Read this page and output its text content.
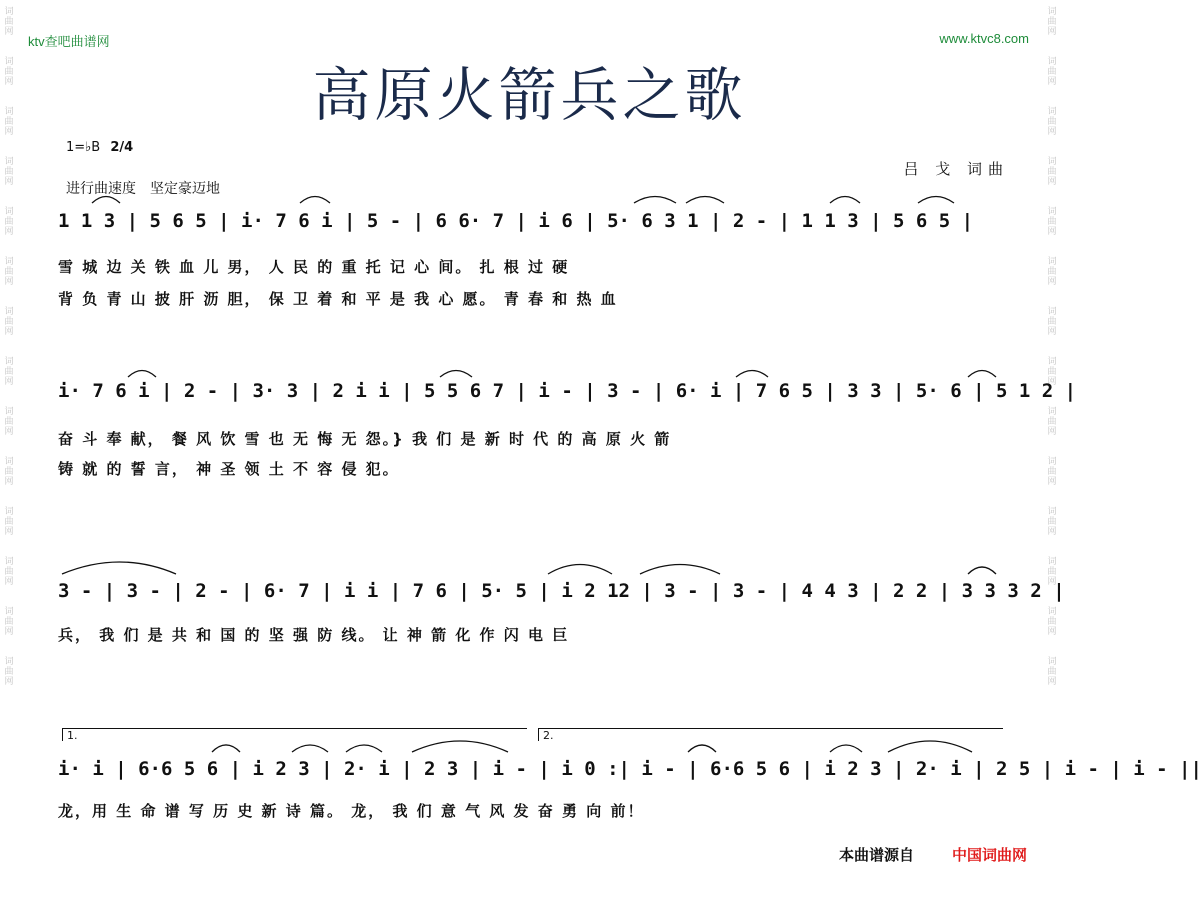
词曲网
词曲网
词曲网
词曲网
词曲网
词曲网
词曲网
词曲网
词曲网
词曲网
词曲网
词曲网
词曲网
词曲网
词曲网
词曲网
词曲网
词曲网
词曲网
词曲网
词曲网
词曲网
词曲网
词曲网
词曲网
词曲网
词曲网
词曲网
ktv查吧曲谱网	www.ktvc8.com
高原火箭兵之歌
1=♭B 2/4
进行曲速度　坚定豪迈地
吕 戈 词曲
1 1 3 | 5 6 5 | i· 7 6 i | 5 - | 6 6· 7 | i 6 | 5· 6 3 1 | 2 - | 1 1 3 | 5 6 5 |
雪 城 边 关 铁 血 儿 男， 人 民 的 重 托 记 心 间。 扎 根 过 硬
背 负 青 山 披 肝 沥 胆， 保 卫 着 和 平 是 我 心 愿。 青 春 和 热 血
i· 7 6 i | 2 - | 3· 3 | 2 i i | 5 5 6 7 | i - | 3 - | 6· i | 7 6 5 | 3 3 | 5· 6 | 5 1 2 |
奋 斗 奉 献， 餐 风 饮 雪 也 无 悔 无 怨。} 我 们 是 新 时 代 的 高 原 火 箭
铸 就 的 誓 言， 神 圣 领 土 不 容 侵 犯。
3 - | 3 - | 2 - | 6· 7 | i i | 7 6 | 5· 5 | i 2 12 | 3 - | 3 - | 4 4 3 | 2 2 | 3 3 3 2 |
兵， 我 们 是 共 和 国 的 坚 强 防 线。 让 神 箭 化 作 闪 电 巨
1.	2.
i· i | 6·6 5 6 | i 2 3 | 2· i | 2 3 | i - | i 0 :| i - | 6·6 5 6 | i 2 3 | 2· i | 2 5 | i - | i - ||
龙，用 生 命 谱 写 历 史 新 诗 篇。 龙， 我 们 意 气 风 发 奋 勇 向 前！
本曲谱源自	中国词曲网
